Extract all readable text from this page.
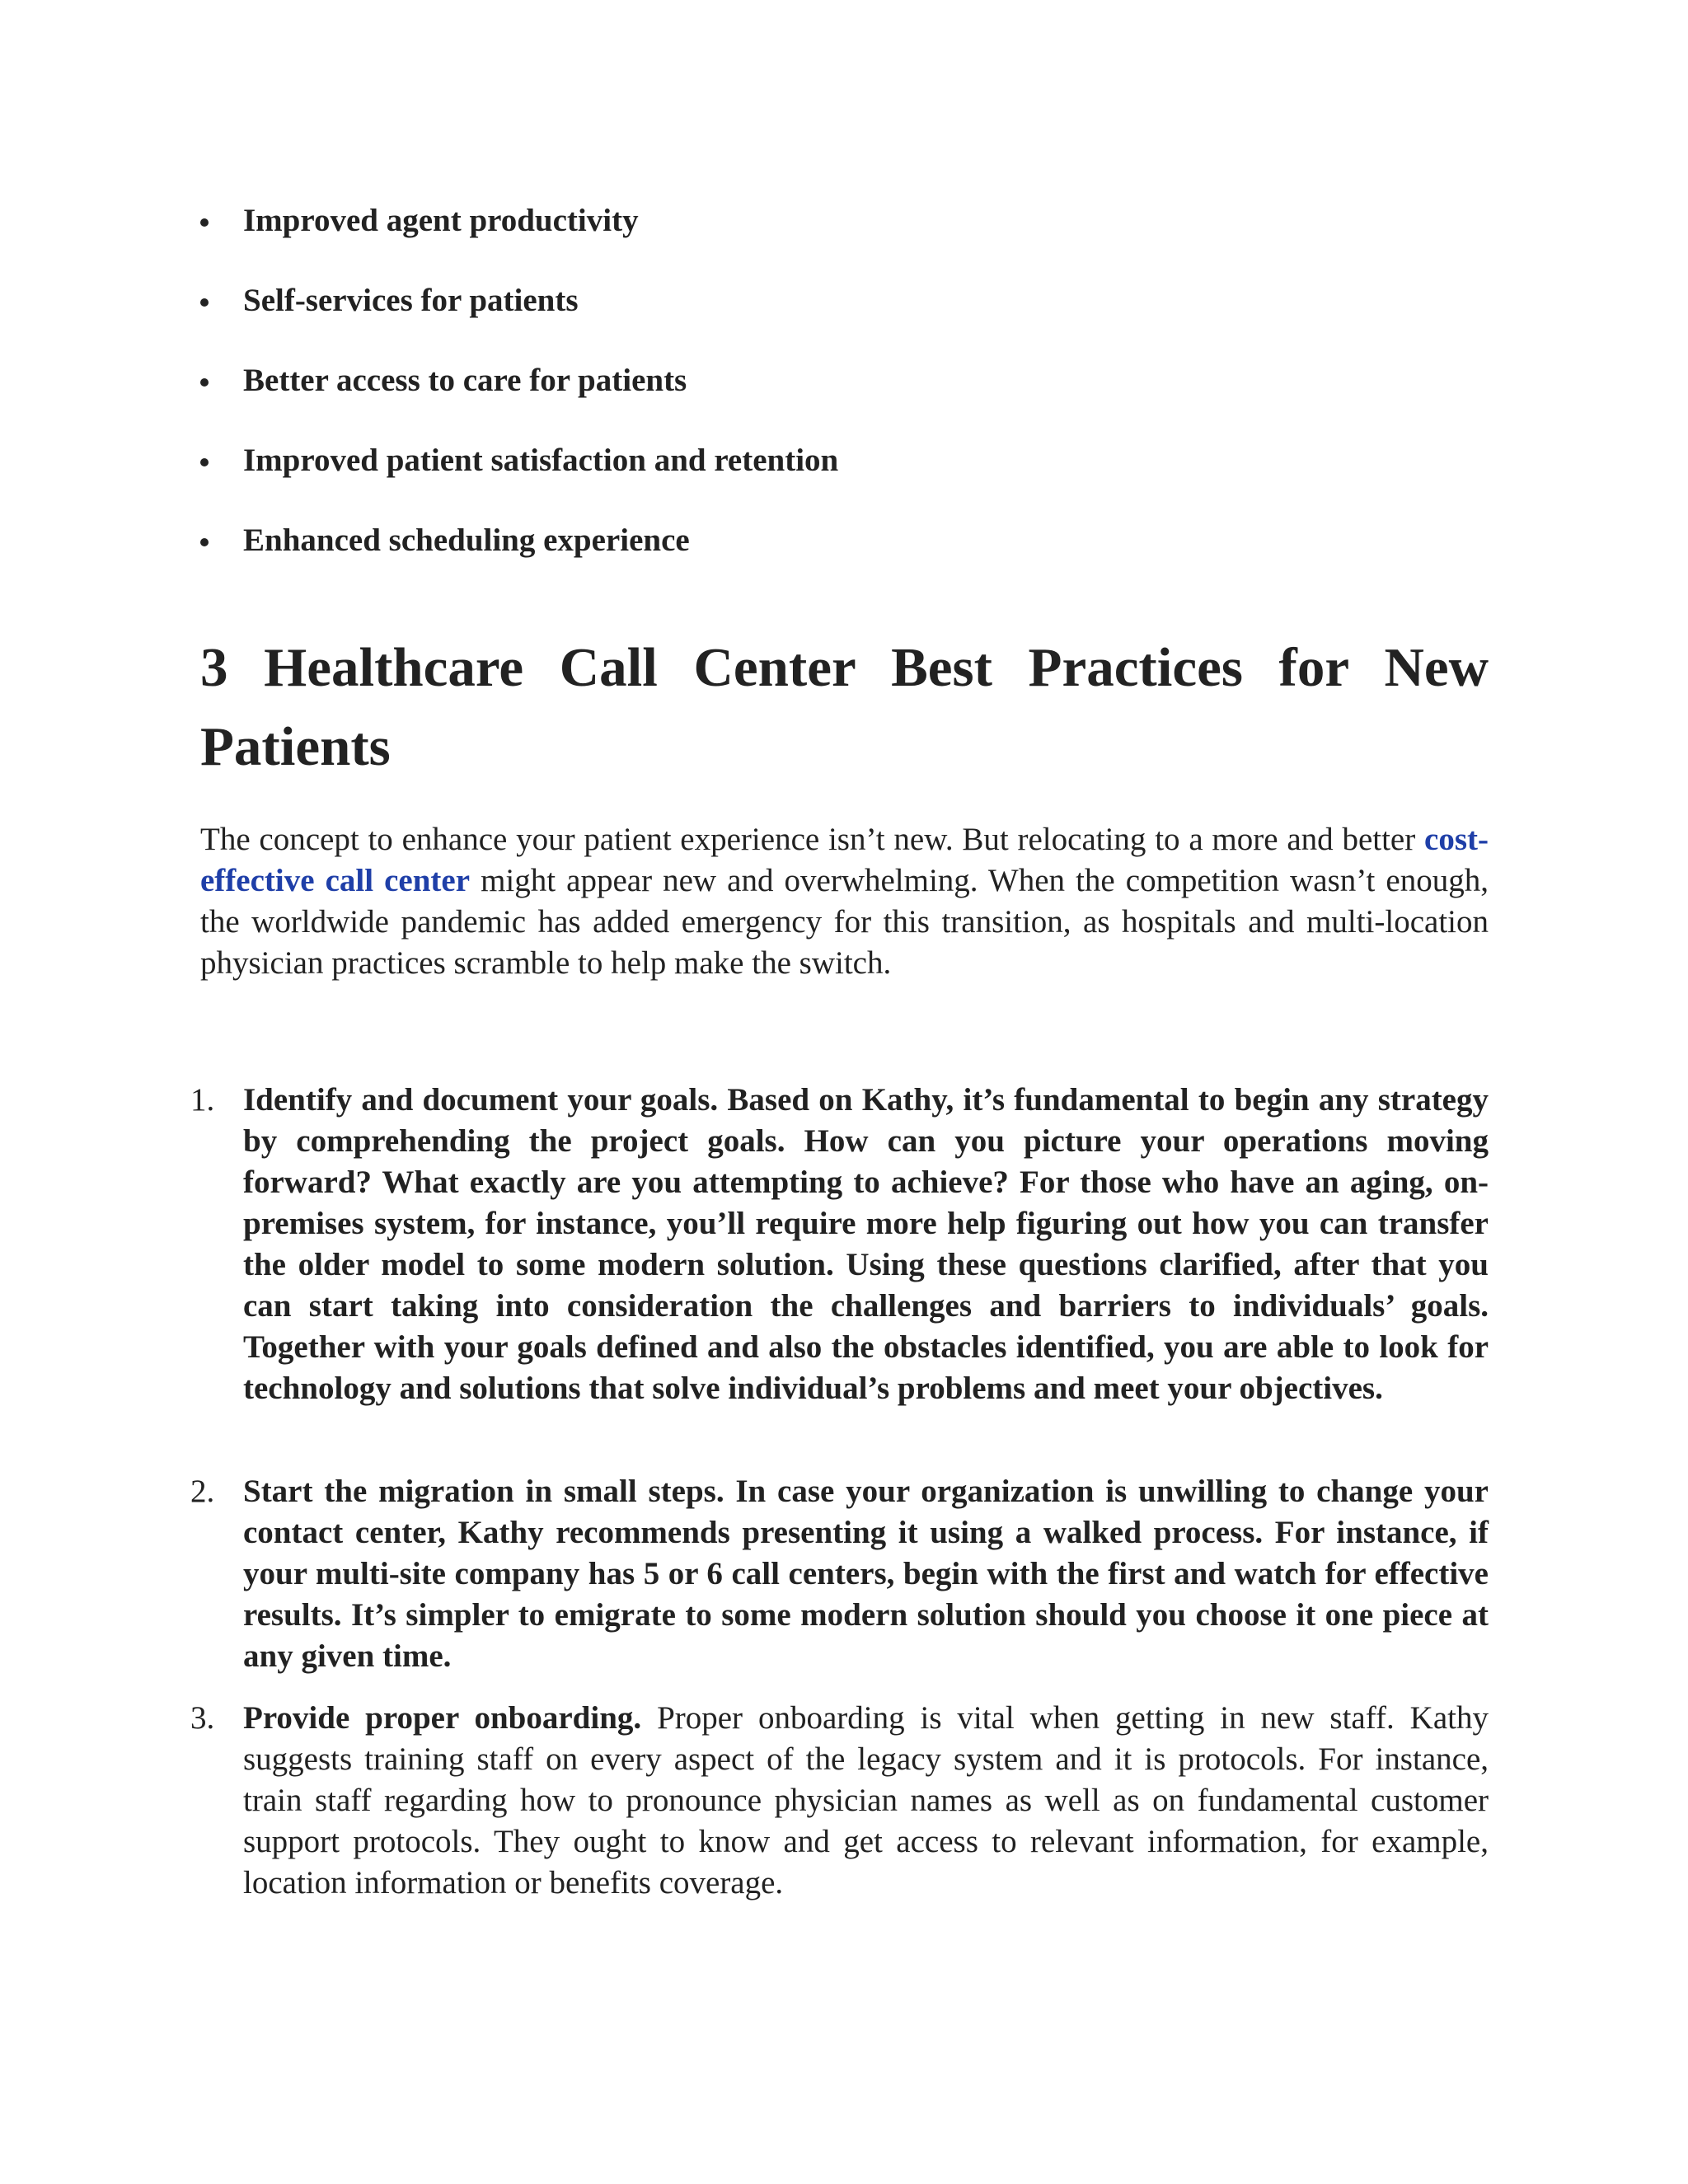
Improved agent productivity
Self-services for patients
Better access to care for patients
Improved patient satisfaction and retention
Enhanced scheduling experience
3 Healthcare Call Center Best Practices for New Patients

The concept to enhance your patient experience isn’t new. But relocating to a more and better cost-effective call center might appear new and overwhelming. When the competition wasn’t enough, the worldwide pandemic has added emergency for this transition, as hospitals and multi-location physician practices scramble to help make the switch.

1. Identify and document your goals. Based on Kathy, it’s fundamental to begin any strategy by comprehending the project goals. How can you picture your operations moving forward? What exactly are you attempting to achieve? For those who have an aging, on-premises system, for instance, you’ll require more help figuring out how you can transfer the older model to some modern solution. Using these questions clarified, after that you can start taking into consideration the challenges and barriers to individuals’ goals. Together with your goals defined and also the obstacles identified, you are able to look for technology and solutions that solve individual’s problems and meet your objectives.
2. Start the migration in small steps. In case your organization is unwilling to change your contact center, Kathy recommends presenting it using a walked process. For instance, if your multi-site company has 5 or 6 call centers, begin with the first and watch for effective results. It’s simpler to emigrate to some modern solution should you choose it one piece at any given time.
3. Provide proper onboarding. Proper onboarding is vital when getting in new staff. Kathy suggests training staff on every aspect of the legacy system and it is protocols. For instance, train staff regarding how to pronounce physician names as well as on fundamental customer support protocols. They ought to know and get access to relevant information, for example, location information or benefits coverage.
